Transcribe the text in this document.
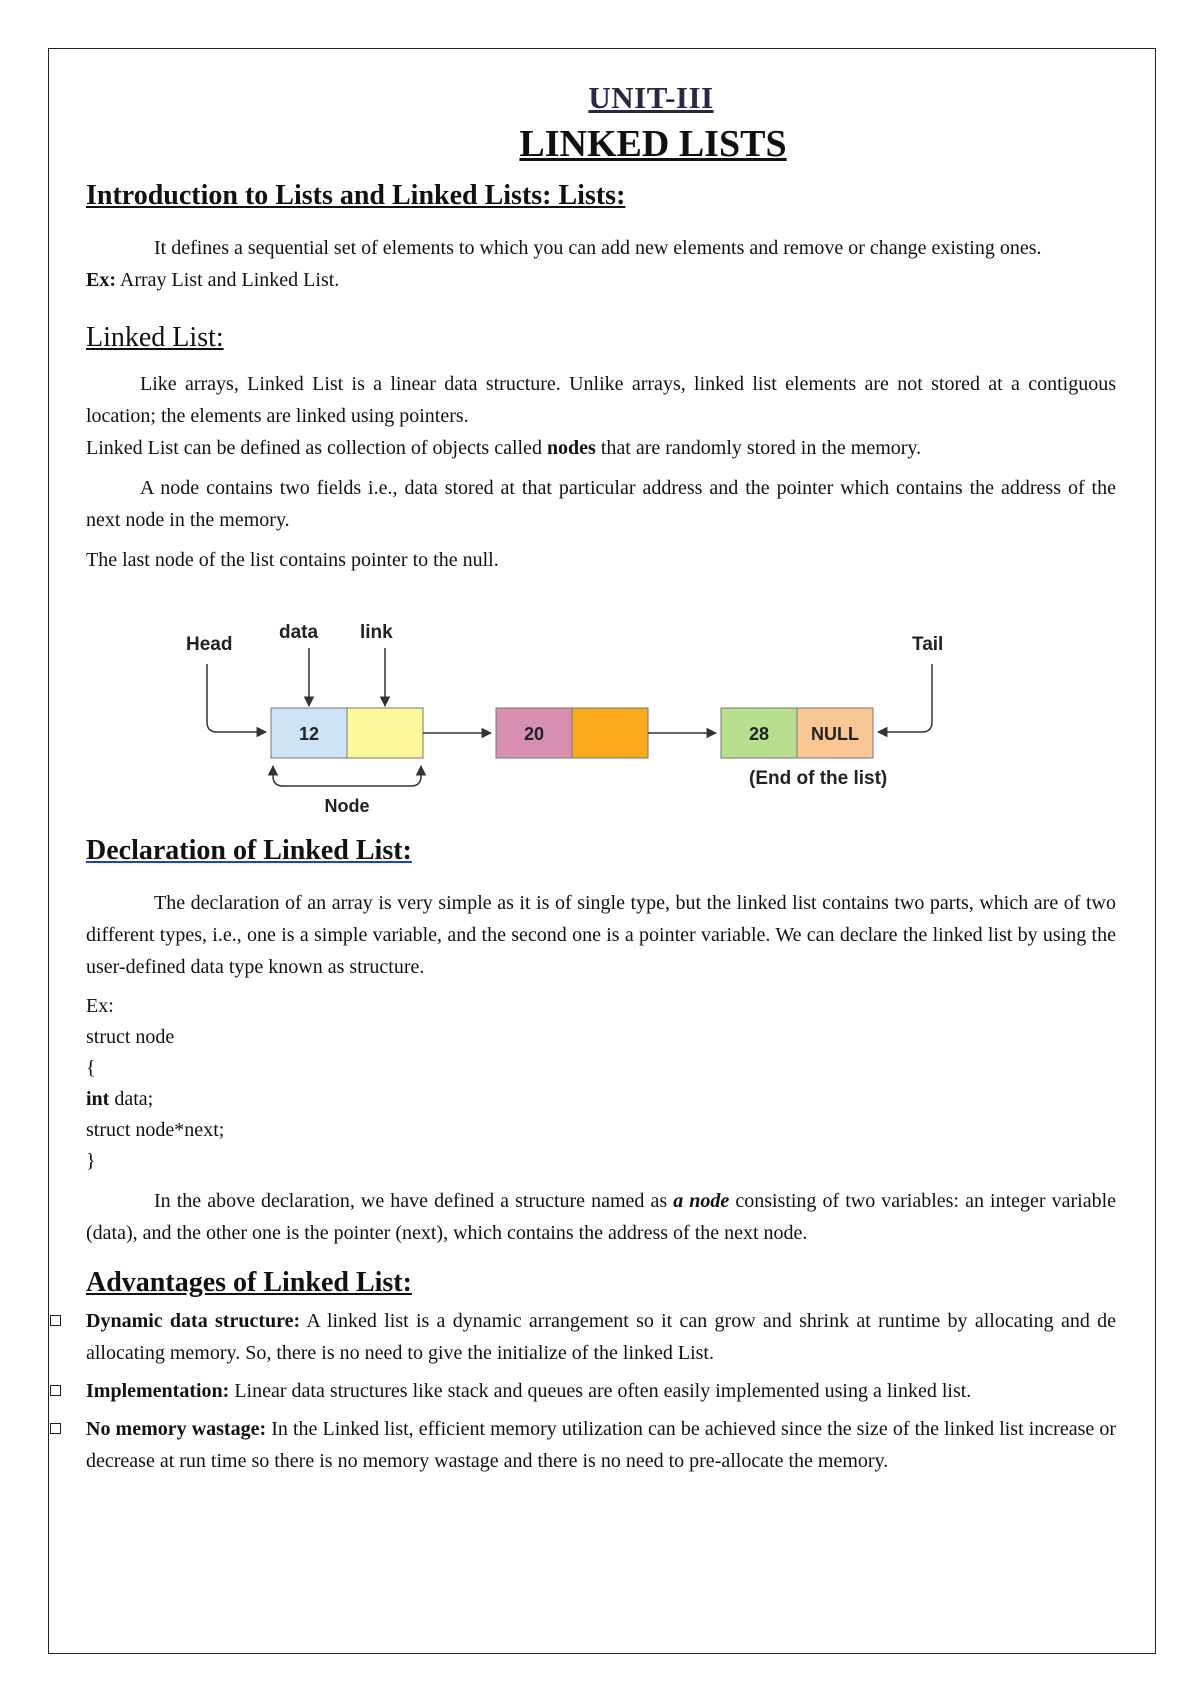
UNIT-III
LINKED LISTS
Introduction to Lists and Linked Lists: Lists:

It defines a sequential set of elements to which you can add new elements and remove or change existing ones.

Ex: Array List and Linked List.

Linked List:

Like arrays, Linked List is a linear data structure. Unlike arrays, linked list elements are not stored at a contiguous location; the elements are linked using pointers.

Linked List can be defined as collection of objects called nodes that are randomly stored in the memory.

A node contains two fields i.e., data stored at that particular address and the pointer which contains the address of the next node in the memory.

The last node of the list contains pointer to the null.

Head
data link
Tail
12	20	28 NULL
Node
(End of the list)
Declaration of Linked List:

The declaration of an array is very simple as it is of single type, but the linked list contains two parts, which are of two different types, i.e., one is a simple variable, and the second one is a pointer variable. We can declare the linked list by using the user-defined data type known as structure.

Ex:

struct node

{

int data;

struct node*next;

}

In the above declaration, we have defined a structure named as a node consisting of two variables: an integer variable (data), and the other one is the pointer (next), which contains the address of the next node.

Advantages of Linked List:
Dynamic data structure: A linked list is a dynamic arrangement so it can grow and shrink at runtime by allocating and de allocating memory. So, there is no need to give the initialize of the linked List.
Implementation: Linear data structures like stack and queues are often easily implemented using a linked list.
No memory wastage: In the Linked list, efficient memory utilization can be achieved since the size of the linked list increase or decrease at run time so there is no memory wastage and there is no need to pre-allocate the memory.
